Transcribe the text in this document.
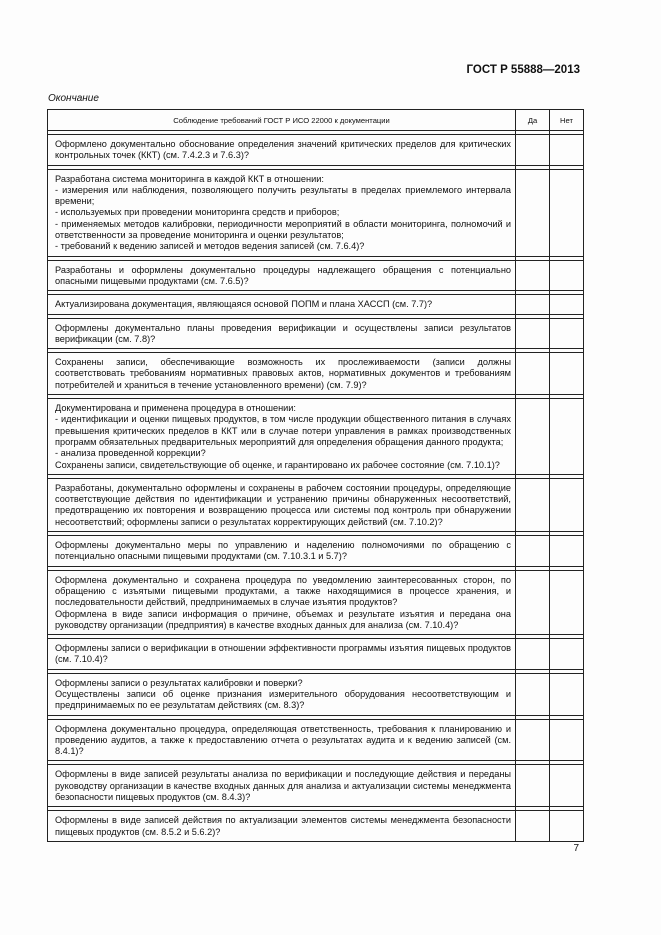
ГОСТ Р 55888—2013
Окончание
Соблюдение требований ГОСТ Р ИСО 22000 к документации	Да	Нет

Оформлено документально обоснование определения значений критических пределов для критических контрольных точек (ККТ) (см. 7.4.2.3 и 7.6.3)?		

Разработана система мониторинга в каждой ККТ в отношении:
- измерения или наблюдения, позволяющего получить результаты в пределах приемлемого интервала времени;
- используемых при проведении мониторинга средств и приборов;
- применяемых методов калибровки, периодичности мероприятий в области мониторинга, полномочий и ответственности за проведение мониторинга и оценки результатов;
- требований к ведению записей и методов ведения записей (см. 7.6.4)?		

Разработаны и оформлены документально процедуры надлежащего обращения с потенциально опасными пищевыми продуктами (см. 7.6.5)?		

Актуализирована документация, являющаяся основой ПОПМ и плана ХАССП (см. 7.7)?		

Оформлены документально планы проведения верификации и осуществлены записи результатов верификации (см. 7.8)?		

Сохранены записи, обеспечивающие возможность их прослеживаемости (записи должны соответствовать требованиям нормативных правовых актов, нормативных документов и требованиям потребителей и храниться в течение установленного времени) (см. 7.9)?		

Документирована и применена процедура в отношении:
- идентификации и оценки пищевых продуктов, в том числе продукции общественного питания в случаях превышения критических пределов в ККТ или в случае потери управления в рамках производственных программ обязательных предварительных мероприятий для определения обращения данного продукта;
- анализа проведенной коррекции?
Сохранены записи, свидетельствующие об оценке, и гарантировано их рабочее состояние (см. 7.10.1)?		

Разработаны, документально оформлены и сохранены в рабочем состоянии процедуры, определяющие соответствующие действия по идентификации и устранению причины обнаруженных несоответствий, предотвращению их повторения и возвращению процесса или системы под контроль при обнаружении несоответствий; оформлены записи о результатах корректирующих действий (см. 7.10.2)?		

Оформлены документально меры по управлению и наделению полномочиями по обращению с потенциально опасными пищевыми продуктами (см. 7.10.3.1 и 5.7)?		

Оформлена документально и сохранена процедура по уведомлению заинтересованных сторон, по обращению с изъятыми пищевыми продуктами, а также находящимися в процессе хранения, и последовательности действий, предпринимаемых в случае изъятия продуктов?
Оформлена в виде записи информация о причине, объемах и результате изъятия и передана она руководству организации (предприятия) в качестве входных данных для анализа (см. 7.10.4)?		

Оформлены записи о верификации в отношении эффективности программы изъятия пищевых продуктов (см. 7.10.4)?		

Оформлены записи о результатах калибровки и поверки?
Осуществлены записи об оценке признания измерительного оборудования несоответствующим и предпринимаемых по ее результатам действиях (см. 8.3)?		

Оформлена документально процедура, определяющая ответственность, требования к планированию и проведению аудитов, а также к предоставлению отчета о результатах аудита и к ведению записей (см. 8.4.1)?		

Оформлены в виде записей результаты анализа по верификации и последующие действия и переданы руководству организации в качестве входных данных для анализа и актуализации системы менеджмента безопасности пищевых продуктов (см. 8.4.3)?		

Оформлены в виде записей действия по актуализации элементов системы менеджмента безопасности пищевых продуктов (см. 8.5.2 и 5.6.2)?		

7
